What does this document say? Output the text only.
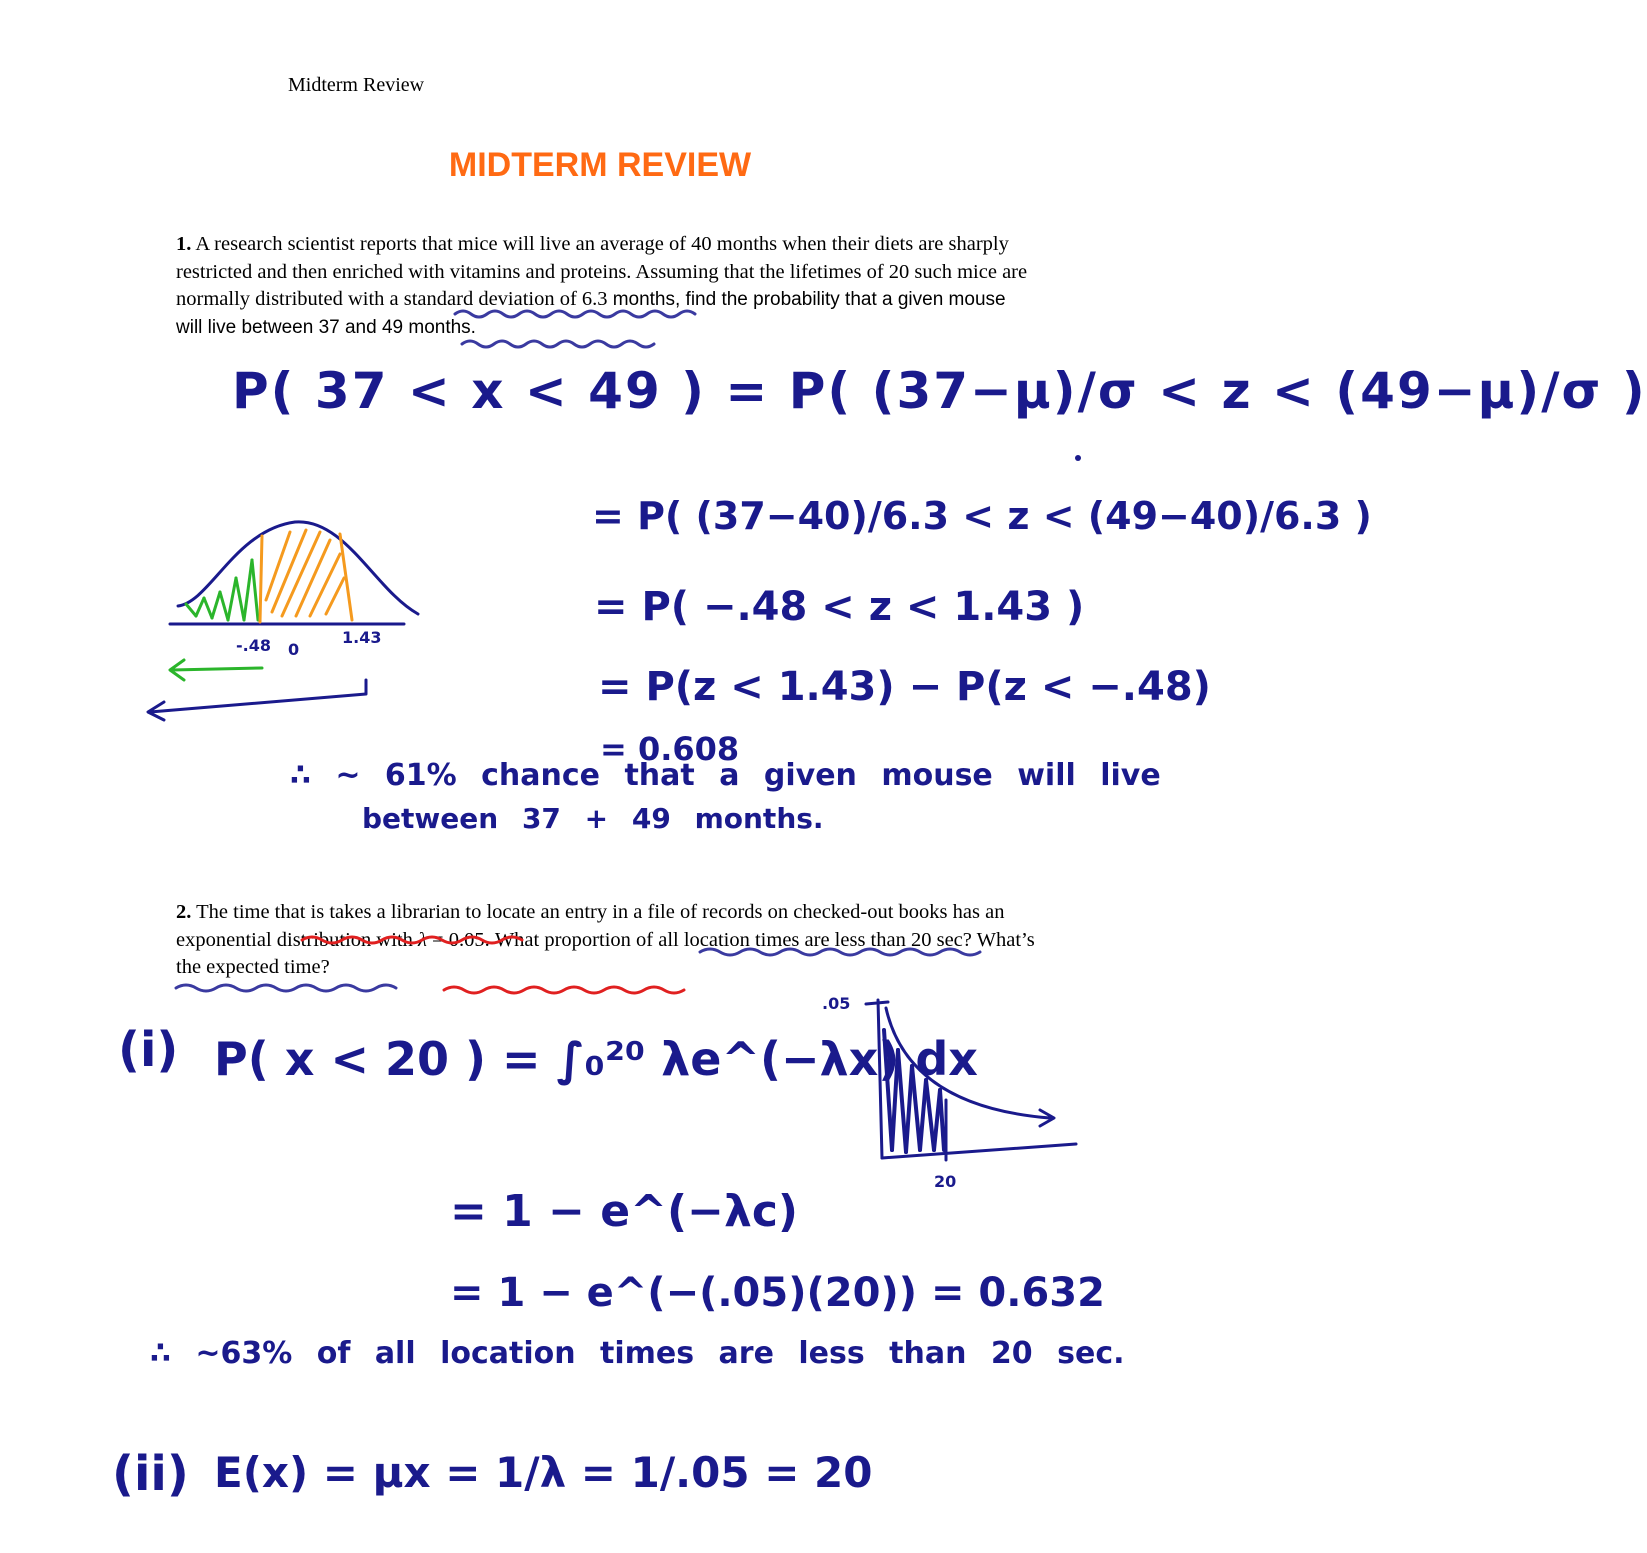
Midterm Review
MIDTERM REVIEW
1. A research scientist reports that mice will live an average of 40 months when their diets are sharply restricted and then enriched with vitamins and proteins. Assuming that the lifetimes of 20 such mice are normally distributed with a standard deviation of 6.3 months, find the probability that a given mouse will live between 37 and 49 months.
2. The time that is takes a librarian to locate an entry in a file of records on checked-out books has an exponential distribution with λ = 0.05. What proportion of all location times are less than 20 sec? What’s the expected time?
P( 37 < x < 49 ) = P( (37−μ)/σ < z < (49−μ)/σ )
= P( (37−40)/6.3 < z < (49−40)/6.3 )
= P( −.48 < z < 1.43 )
= P(z < 1.43) − P(z < −.48)
= 0.608
∴ ~ 61% chance that a given mouse will live
between 37 + 49 months.
-.48 0
1.43
(i) P( x < 20 ) = ∫₀²⁰ λe^(−λx) dx
= 1 − e^(−λc)
= 1 − e^(−(.05)(20)) = 0.632
∴ ~63% of all location times are less than 20 sec.
(ii) E(x) = μx = 1/λ = 1/.05 = 20
.05
20
